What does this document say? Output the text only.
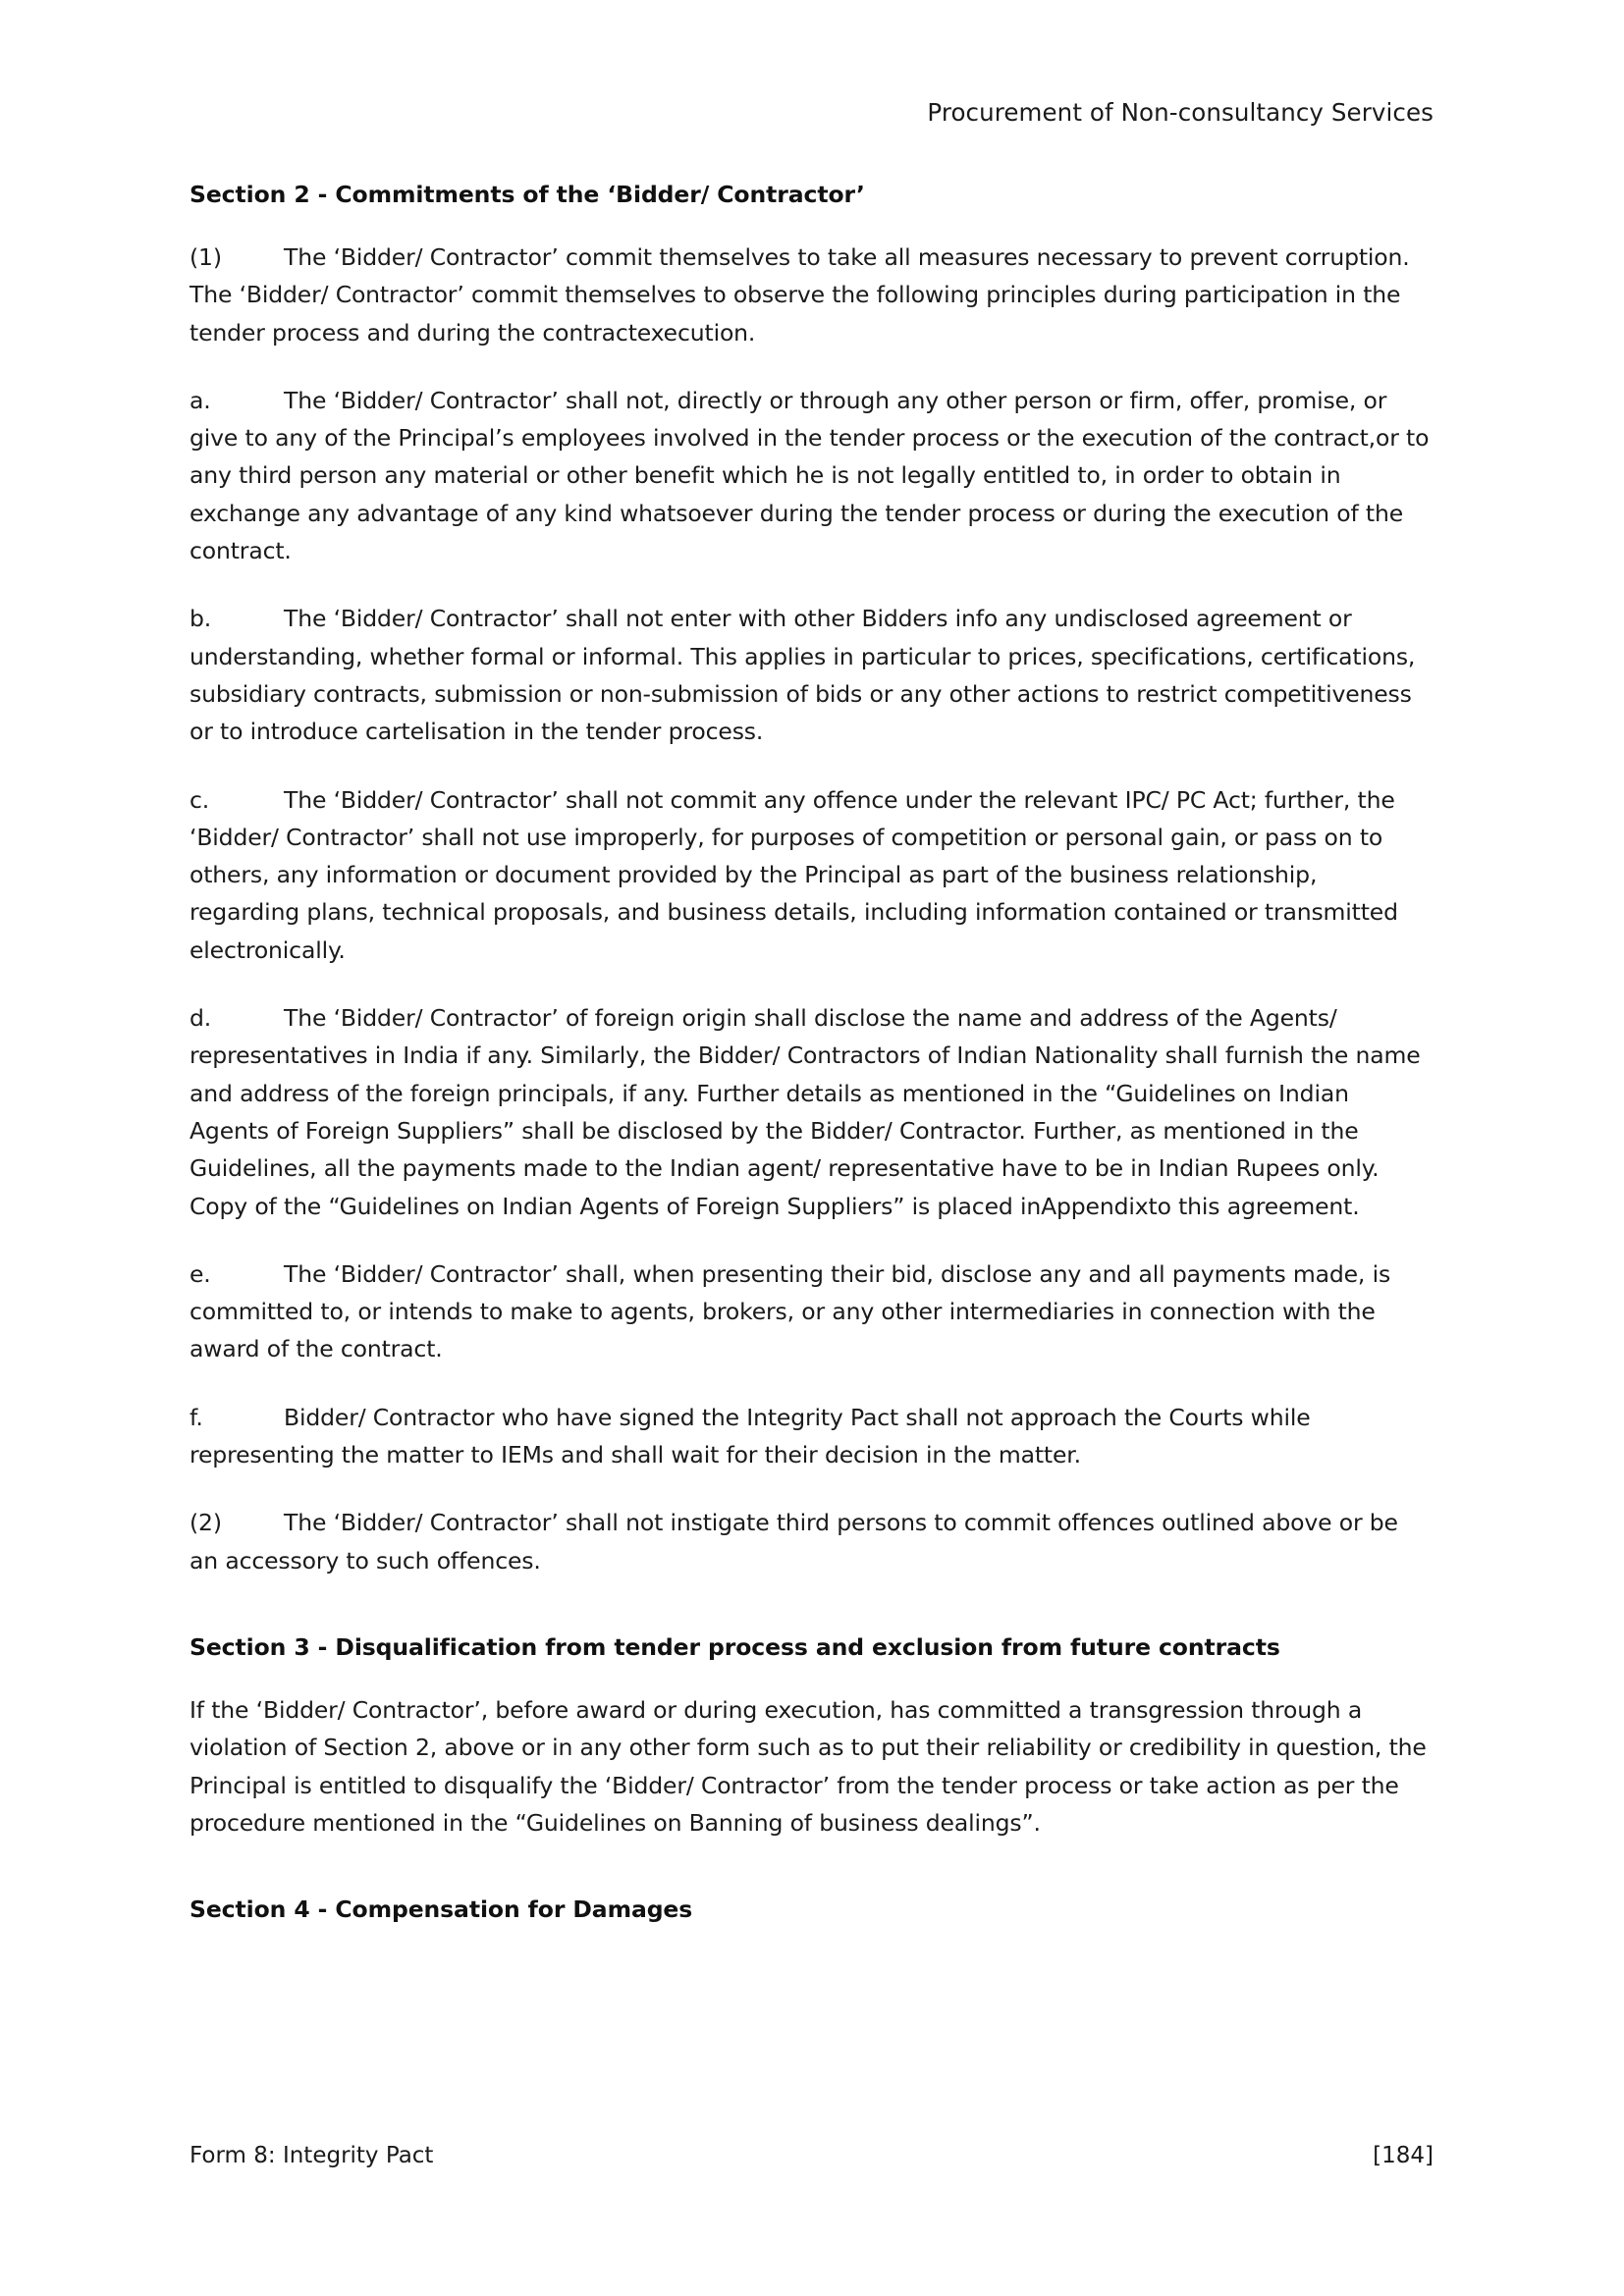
Procurement of Non-consultancy Services
Section 2 - Commitments of the ‘Bidder/ Contractor’

(1)	The ‘Bidder/ Contractor’ commit themselves to take all measures necessary to prevent corruption. The ‘Bidder/ Contractor’ commit themselves to observe the following principles during participation in the tender process and during the contractexecution.

a.	The ‘Bidder/ Contractor’ shall not, directly or through any other person or firm, offer, promise, or give to any of the Principal’s employees involved in the tender process or the execution of the contract,or to any third person any material or other benefit which he is not legally entitled to, in order to obtain in exchange any advantage of any kind whatsoever during the tender process or during the execution of the contract.

b.	The ‘Bidder/ Contractor’ shall not enter with other Bidders info any undisclosed agreement or understanding, whether formal or informal. This applies in particular to prices, specifications, certifications, subsidiary contracts, submission or non-submission of bids or any other actions to restrict competitiveness or to introduce cartelisation in the tender process.

c.	The ‘Bidder/ Contractor’ shall not commit any offence under the relevant IPC/ PC Act; further, the ‘Bidder/ Contractor’ shall not use improperly, for purposes of competition or personal gain, or pass on to others, any information or document provided by the Principal as part of the business relationship, regarding plans, technical proposals, and business details, including information contained or transmitted electronically.

d.	The ‘Bidder/ Contractor’ of foreign origin shall disclose the name and address of the Agents/ representatives in India if any. Similarly, the Bidder/ Contractors of Indian Nationality shall furnish the name and address of the foreign principals, if any. Further details as mentioned in the “Guidelines on Indian Agents of Foreign Suppliers” shall be disclosed by the Bidder/ Contractor. Further, as mentioned in the Guidelines, all the payments made to the Indian agent/ representative have to be in Indian Rupees only. Copy of the “Guidelines on Indian Agents of Foreign Suppliers” is placed inAppendixto this agreement.

e.	The ‘Bidder/ Contractor’ shall, when presenting their bid, disclose any and all payments made, is committed to, or intends to make to agents, brokers, or any other intermediaries in connection with the award of the contract.

f.	Bidder/ Contractor who have signed the Integrity Pact shall not approach the Courts while representing the matter to IEMs and shall wait for their decision in the matter.

(2)	The ‘Bidder/ Contractor’ shall not instigate third persons to commit offences outlined above or be an accessory to such offences.

Section 3 - Disqualification from tender process and exclusion from future contracts

If the ‘Bidder/ Contractor’, before award or during execution, has committed a transgression through a violation of Section 2, above or in any other form such as to put their reliability or credibility in question, the Principal is entitled to disqualify the ‘Bidder/ Contractor’ from the tender process or take action as per the procedure mentioned in the “Guidelines on Banning of business dealings”.

Section 4 - Compensation for Damages
Form 8: Integrity Pact	[184]
